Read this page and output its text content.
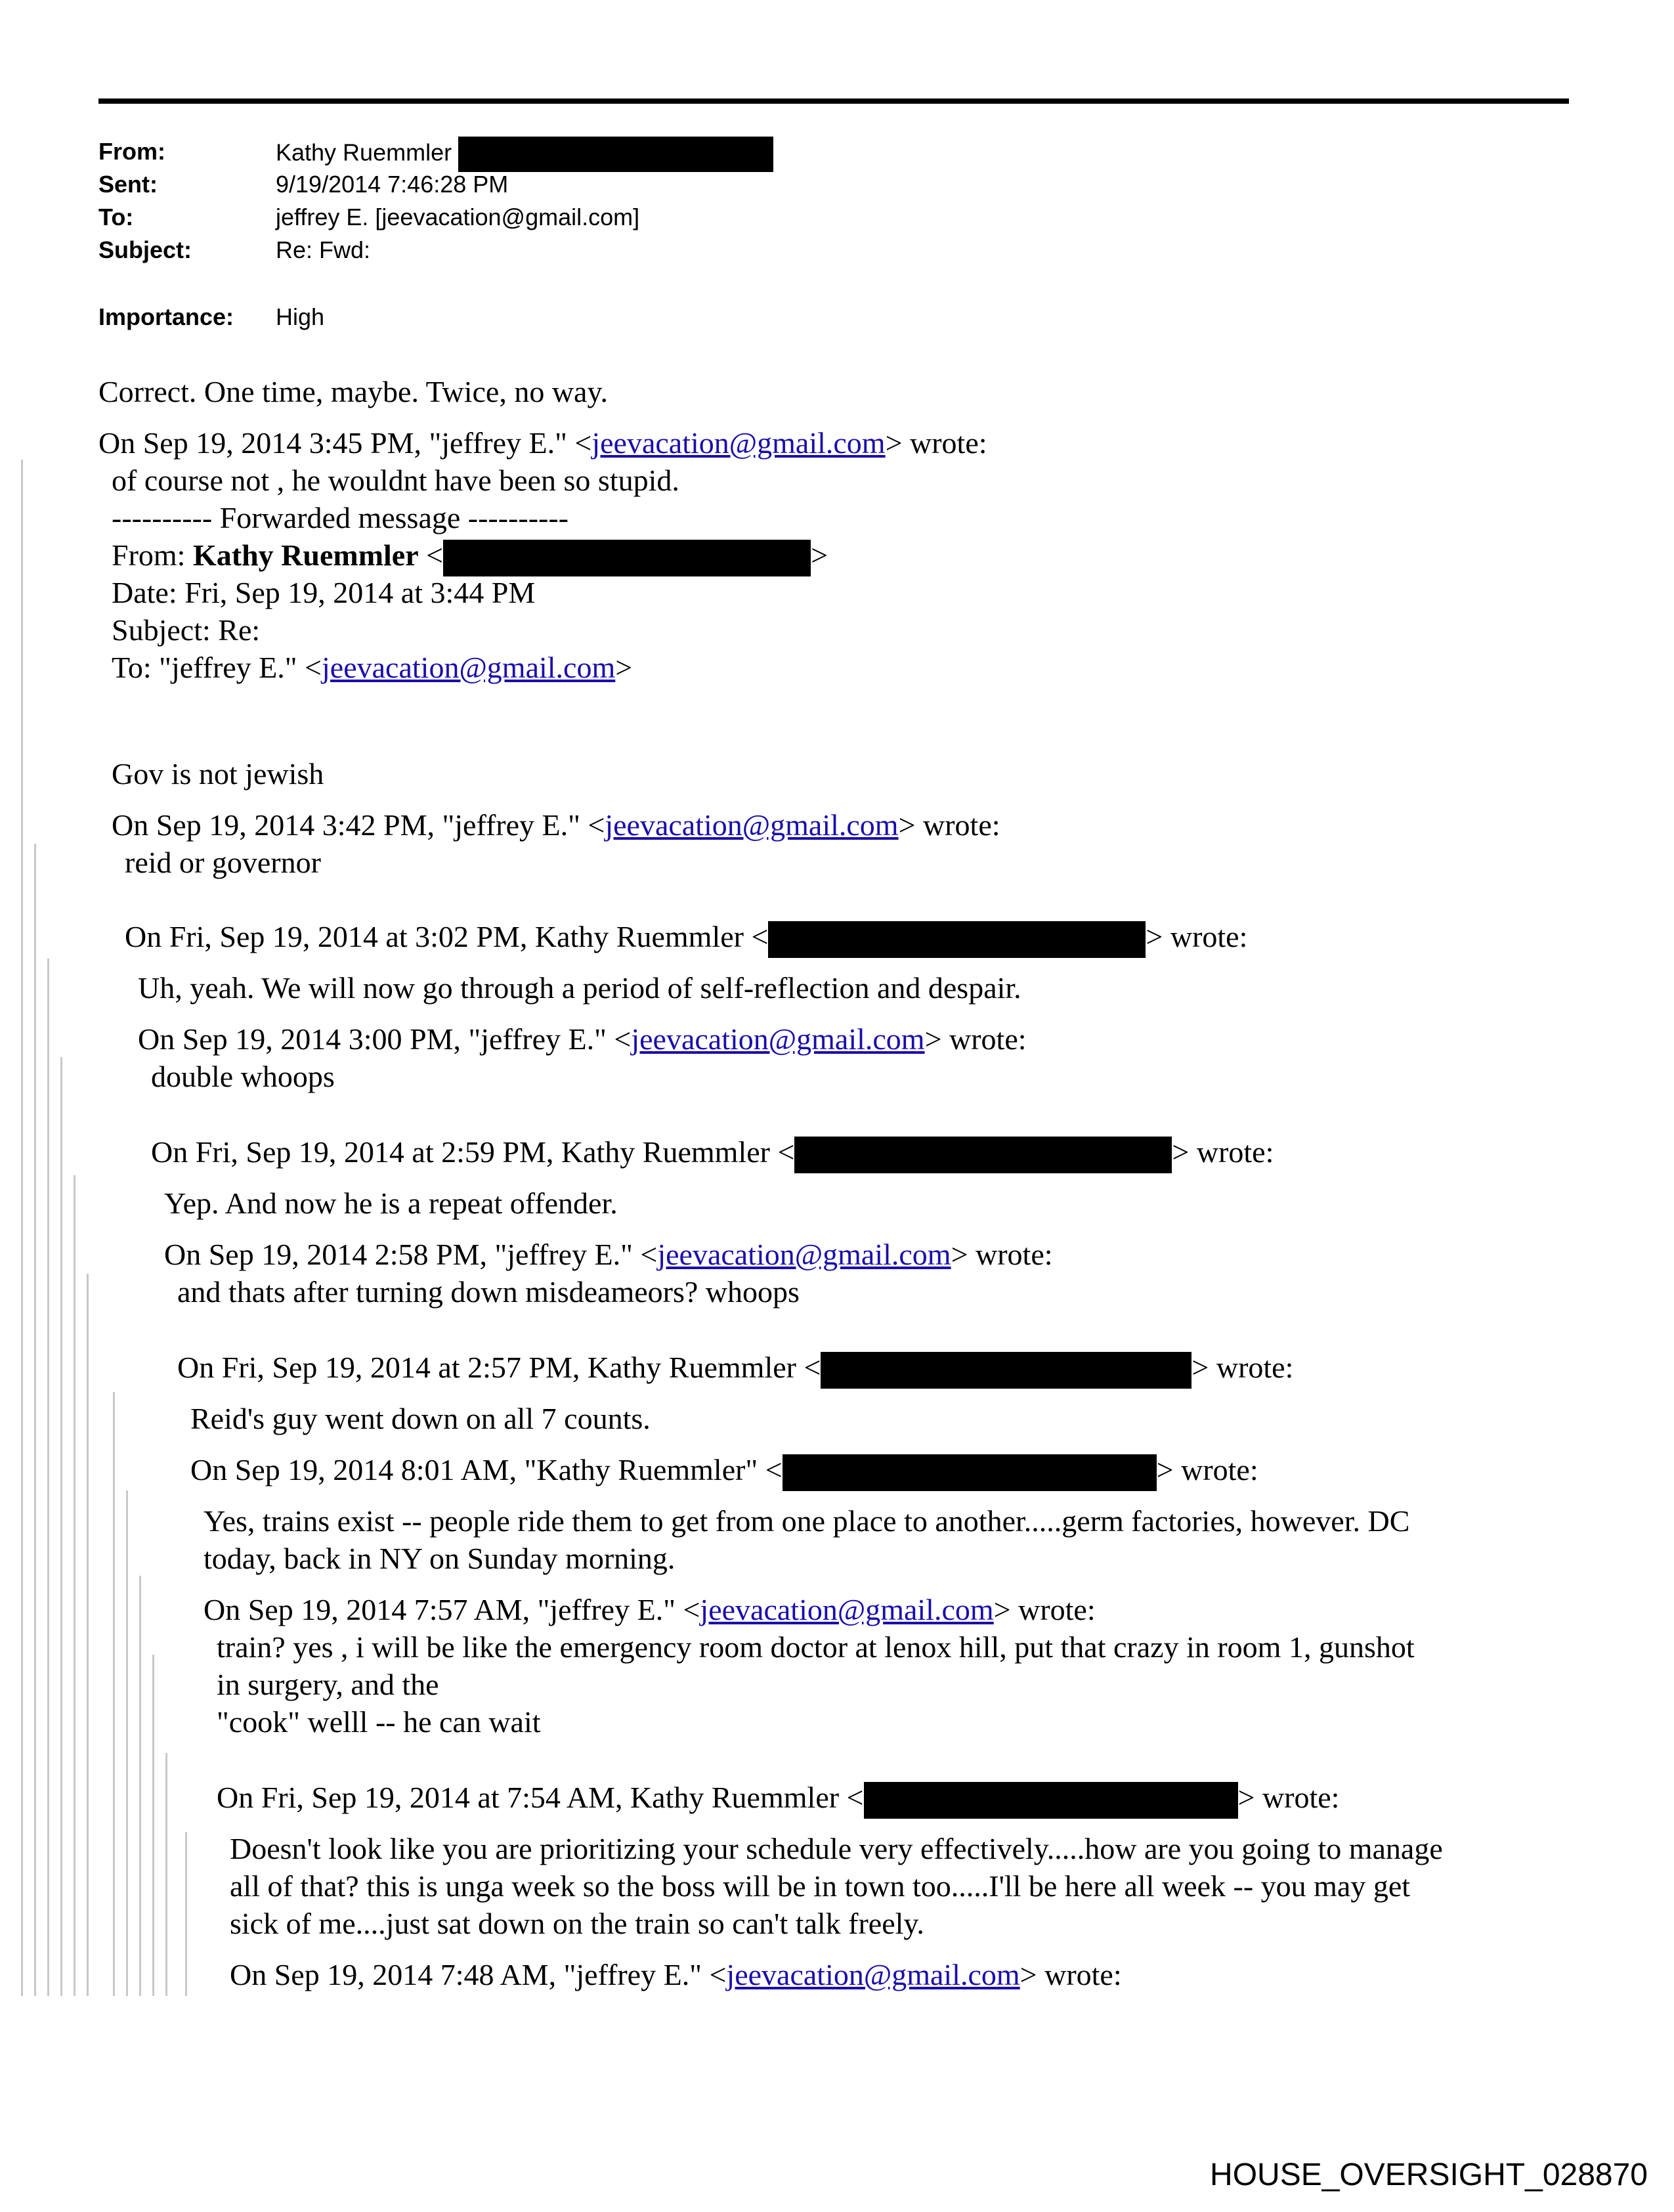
From:	Kathy Ruemmler
Sent:	9/19/2014 7:46:28 PM
To:	jeffrey E. [jeevacation@gmail.com]
Subject:	Re: Fwd:
Importance: High
Correct. One time, maybe. Twice, no way.
On Sep 19, 2014 3:45 PM, "jeffrey E." <jeevacation@gmail.com> wrote:
of course not , he wouldnt have been so stupid.
---------- Forwarded message ----------
From: Kathy Ruemmler <	>
Date: Fri, Sep 19, 2014 at 3:44 PM
Subject: Re:
To: "jeffrey E." <jeevacation@gmail.com>
Gov is not jewish
On Sep 19, 2014 3:42 PM, "jeffrey E." <jeevacation@gmail.com> wrote:
reid or governor
On Fri, Sep 19, 2014 at 3:02 PM, Kathy Ruemmler <	> wrote:
Uh, yeah. We will now go through a period of self-reflection and despair.
On Sep 19, 2014 3:00 PM, "jeffrey E." <jeevacation@gmail.com> wrote:
double whoops
On Fri, Sep 19, 2014 at 2:59 PM, Kathy Ruemmler <	> wrote:
Yep. And now he is a repeat offender.
On Sep 19, 2014 2:58 PM, "jeffrey E." <jeevacation@gmail.com> wrote:
and thats after turning down misdeameors? whoops
On Fri, Sep 19, 2014 at 2:57 PM, Kathy Ruemmler <	> wrote:
Reid's guy went down on all 7 counts.
On Sep 19, 2014 8:01 AM, "Kathy Ruemmler" <	> wrote:
Yes, trains exist -- people ride them to get from one place to another.....germ factories, however. DC
today, back in NY on Sunday morning.
On Sep 19, 2014 7:57 AM, "jeffrey E." <jeevacation@gmail.com> wrote:
train? yes , i will be like the emergency room doctor at lenox hill, put that crazy in room 1, gunshot
in surgery, and the
"cook" welll -- he can wait
On Fri, Sep 19, 2014 at 7:54 AM, Kathy Ruemmler <	> wrote:
Doesn't look like you are prioritizing your schedule very effectively.....how are you going to manage
all of that? this is unga week so the boss will be in town too.....I'll be here all week -- you may get
sick of me....just sat down on the train so can't talk freely.
On Sep 19, 2014 7:48 AM, "jeffrey E." <jeevacation@gmail.com> wrote:
HOUSE_OVERSIGHT_028870
